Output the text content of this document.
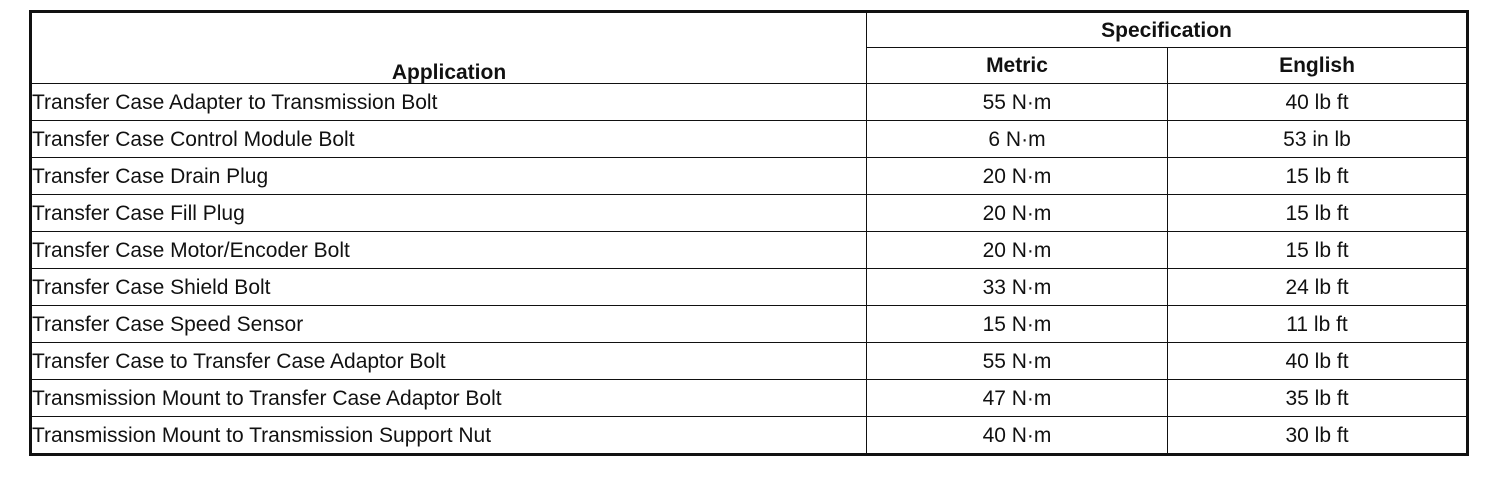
Application	Specification	
	Metric	English
Transfer Case Adapter to Transmission Bolt	55 N·m	40 lb ft
Transfer Case Control Module Bolt	6 N·m	53 in lb
Transfer Case Drain Plug	20 N·m	15 lb ft
Transfer Case Fill Plug	20 N·m	15 lb ft
Transfer Case Motor/Encoder Bolt	20 N·m	15 lb ft
Transfer Case Shield Bolt	33 N·m	24 lb ft
Transfer Case Speed Sensor	15 N·m	11 lb ft
Transfer Case to Transfer Case Adaptor Bolt	55 N·m	40 lb ft
Transmission Mount to Transfer Case Adaptor Bolt	47 N·m	35 lb ft
Transmission Mount to Transmission Support Nut	40 N·m	30 lb ft
